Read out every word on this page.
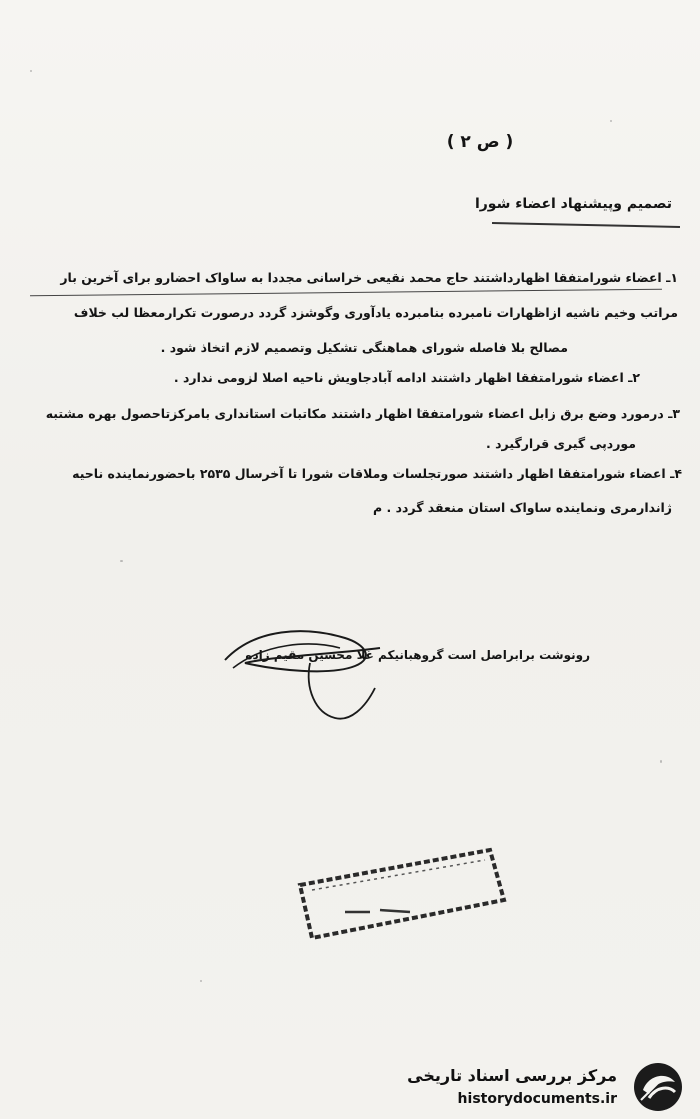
( ص ۲ )
تصمیم وپیشنهاد اعضاء شورا
۱ـ اعضاء شورامتفقا اظهارداشتند حاج محمد نقیعی خراسانی مجددا به ساواک احضارو برای آخرین بار
مراتب وخیم ناشیه ازاظهارات نامبرده بنامبرده یادآوری وگوشزد گردد درصورت تکرارمعظا لب خلاف
مصالح بلا فاصله شورای هماهنگی تشکیل وتصمیم لازم اتخاذ شود .
۲ـ اعضاء شورامتفقا اظهار داشتند ادامه آبادجاویش ناحیه اصلا لزومی ندارد .
۳ـ درمورد وضع برق زابل اعضاء شورامتفقا اظهار داشتند مکاتبات استانداری بامرکزتاحصول بهره مشتبه
موردپی گیری قرارگیرد .
۴ـ اعضاء شورامتفقا اظهار داشتند صورتجلسات وملاقات شورا تا آخرسال ۲۵۳۵ باحضورنماینده ناحیه
ژاندارمری ونماینده ساواک استان منعقد گردد . م
رونوشت برابراصل است گروهبانیکم غلا محسین مقیم زاده
مرکز بررسی اسناد تاریخی
historydocuments.ir
